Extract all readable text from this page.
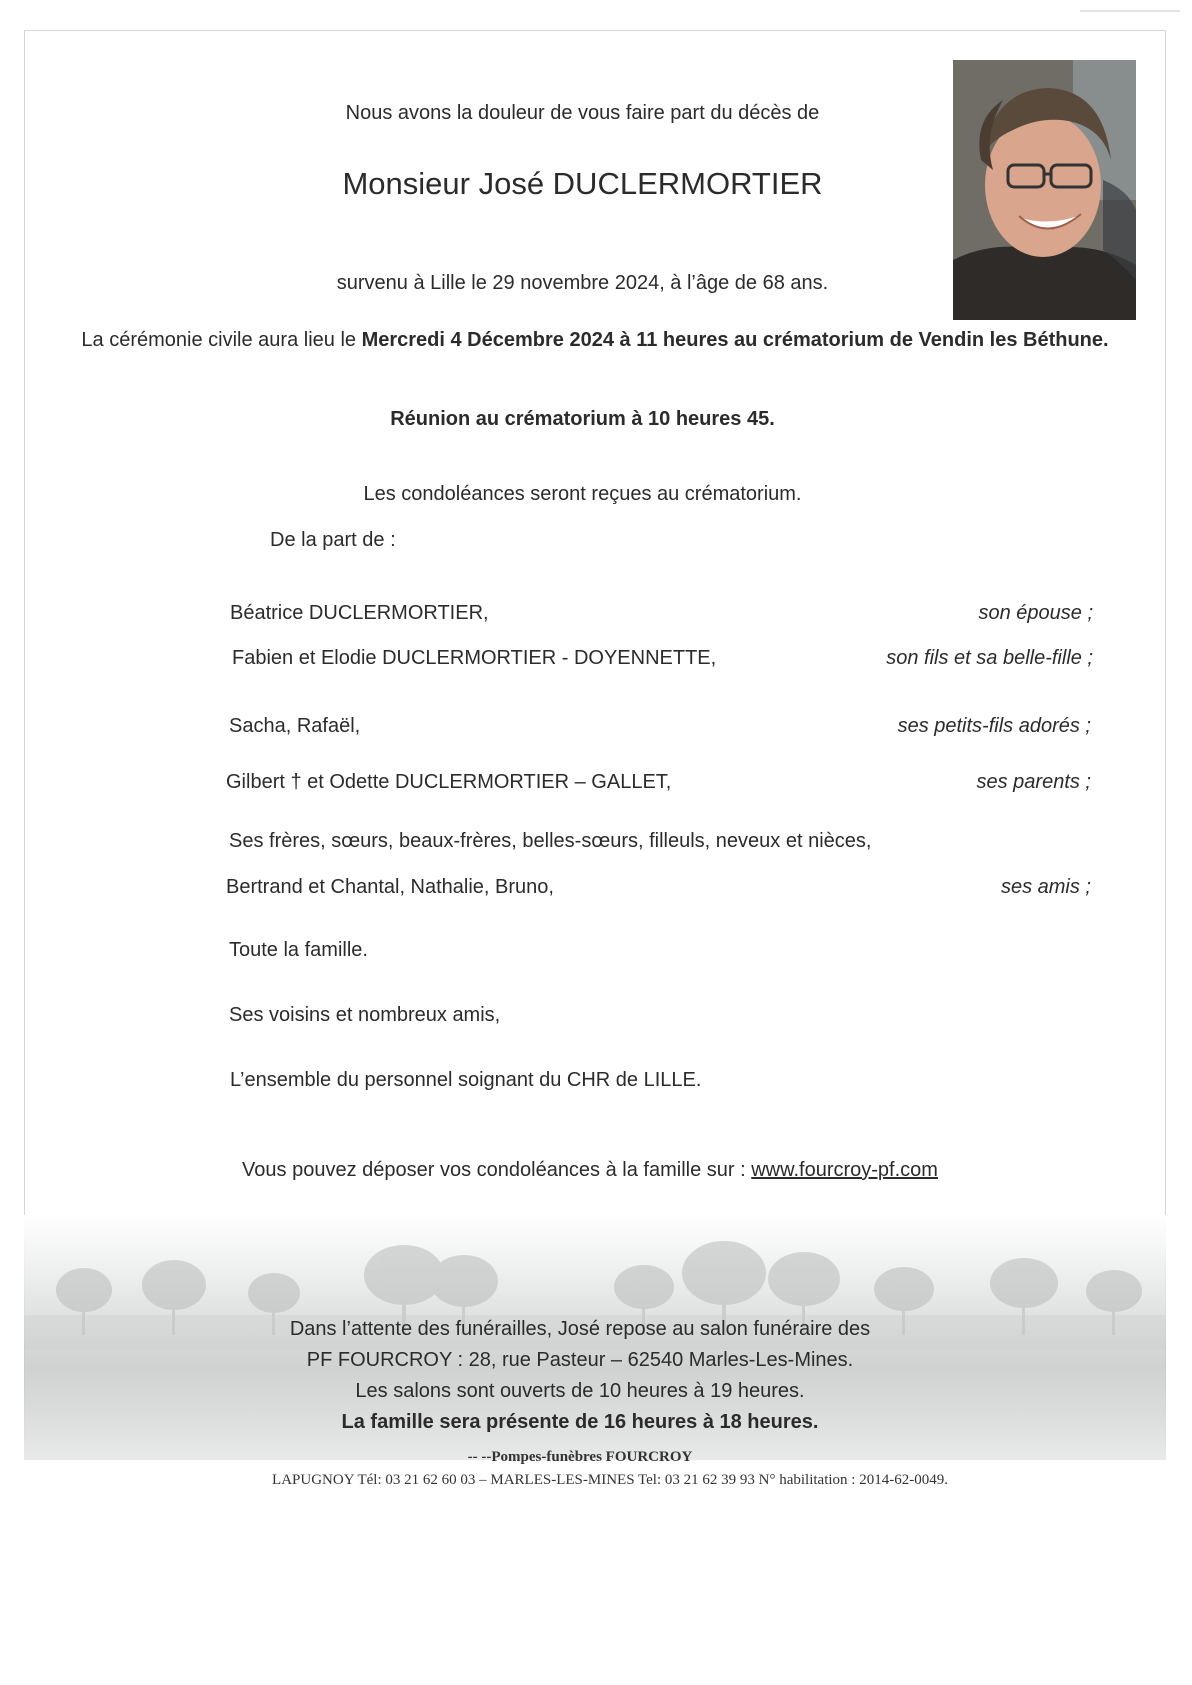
Nous avons la douleur de vous faire part du décès de
Monsieur José DUCLERMORTIER
survenu à Lille le 29 novembre 2024, à l’âge de 68 ans.
La cérémonie civile aura lieu le Mercredi 4 Décembre 2024 à 11 heures au crématorium de Vendin les Béthune.
Réunion au crématorium à 10 heures 45.
Les condoléances seront reçues au crématorium.
De la part de :
Béatrice DUCLERMORTIER,	son épouse ;
Fabien et Elodie DUCLERMORTIER - DOYENNETTE,	son fils et sa belle-fille ;
Sacha, Rafaël,	ses petits-fils adorés ;
Gilbert † et Odette DUCLERMORTIER – GALLET,	ses parents ;
Ses frères, sœurs, beaux-frères, belles-sœurs, filleuls, neveux et nièces,
Bertrand et Chantal, Nathalie, Bruno,	ses amis ;
Toute la famille.
Ses voisins et nombreux amis,
L’ensemble du personnel soignant du CHR de LILLE.
Vous pouvez déposer vos condoléances à la famille sur : www.fourcroy-pf.com
Dans l’attente des funérailles, José repose au salon funéraire des
PF FOURCROY : 28, rue Pasteur – 62540 Marles-Les-Mines.
Les salons sont ouverts de 10 heures à 19 heures.
La famille sera présente de 16 heures à 18 heures.
-- --Pompes-funèbres FOURCROY
LAPUGNOY Tél: 03 21 62 60 03 – MARLES-LES-MINES Tel: 03 21 62 39 93 N° habilitation : 2014-62-0049.
